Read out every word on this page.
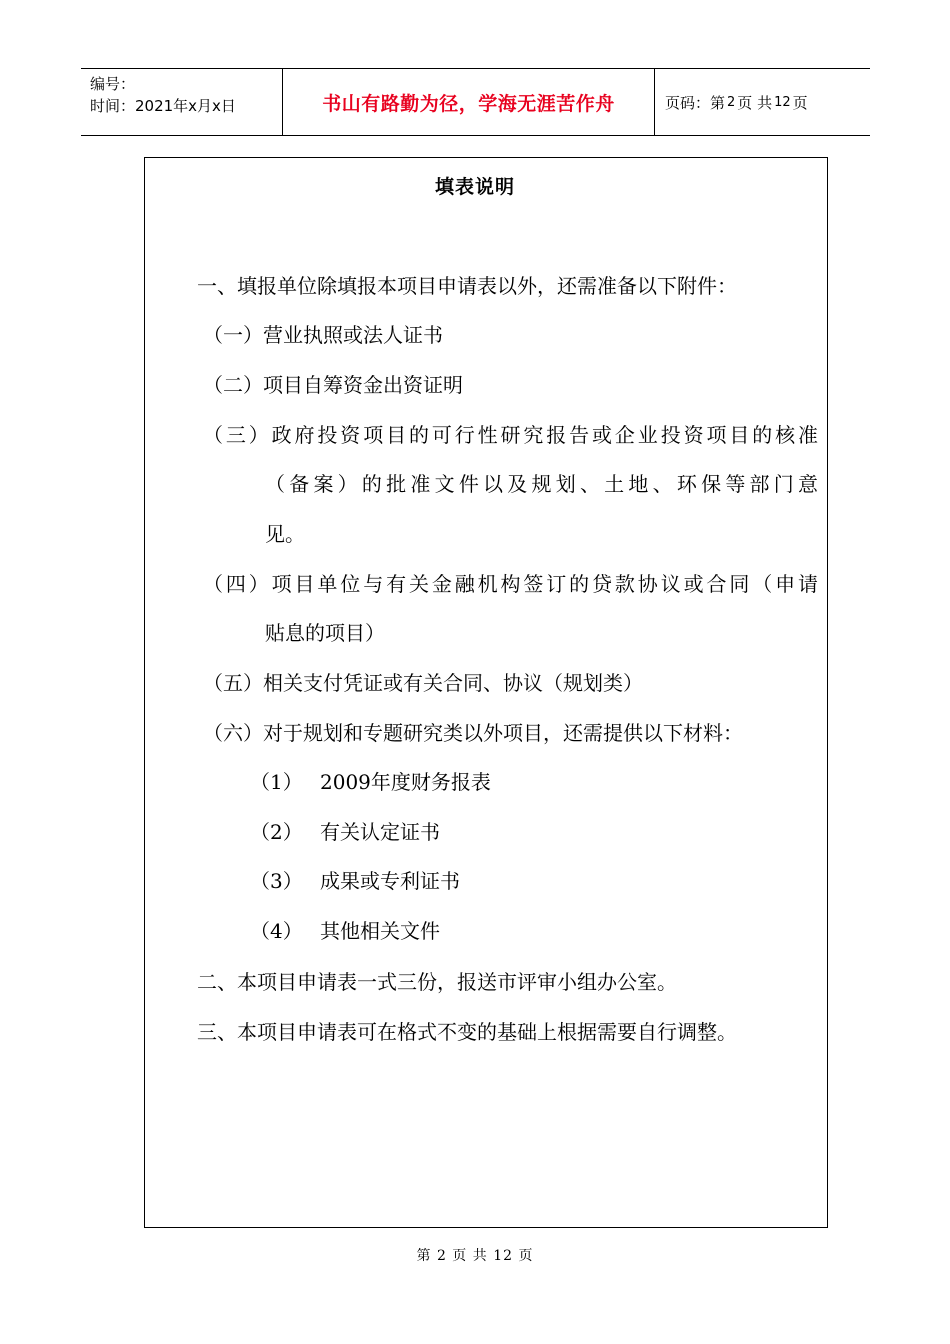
编号：
时间：2021年x月x日	书山有路勤为径，学海无涯苦作舟	页码：第 2 页 共 12 页
填表说明
一、填报单位除填报本项目申请表以外，还需准备以下附件：
（一）营业执照或法人证书
（二）项目自筹资金出资证明
（三）政府投资项目的可行性研究报告或企业投资项目的核准
（备案）的批准文件以及规划、土地、环保等部门意
见。
（四）项目单位与有关金融机构签订的贷款协议或合同（申请
贴息的项目）
（五）相关支付凭证或有关合同、协议（规划类）
（六）对于规划和专题研究类以外项目，还需提供以下材料：
（1） 2009年度财务报表
（2） 有关认定证书
（3） 成果或专利证书
（4） 其他相关文件
二、本项目申请表一式三份，报送市评审小组办公室。
三、本项目申请表可在格式不变的基础上根据需要自行调整。
第 2 页 共 12 页
